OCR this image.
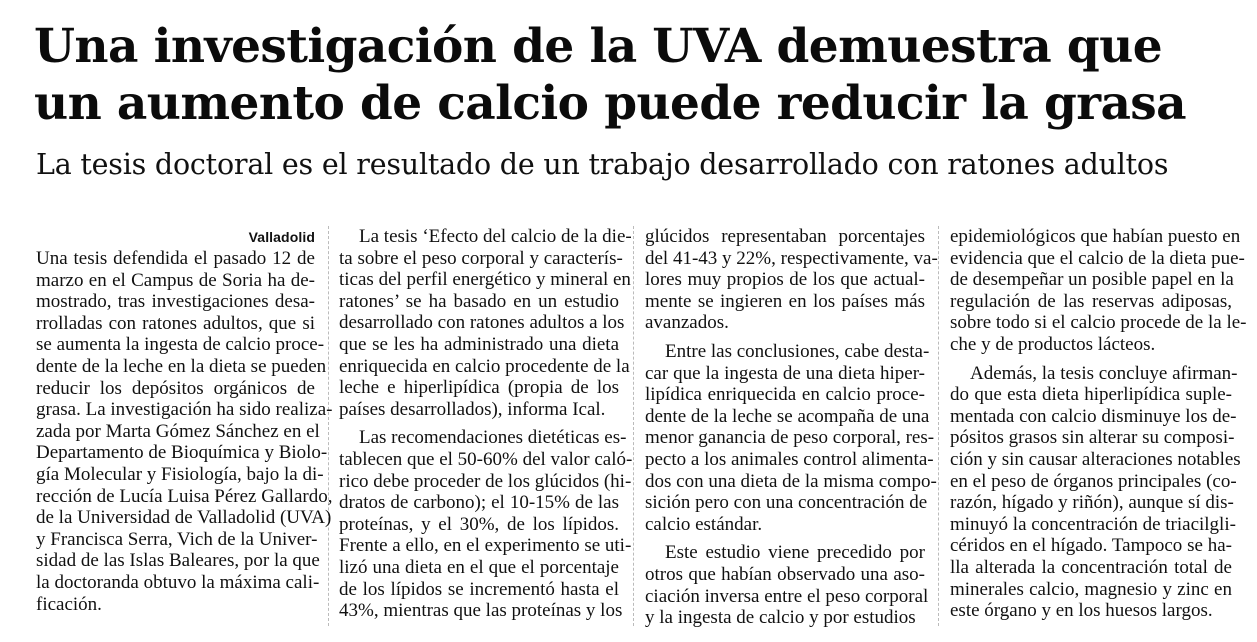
Una investigación de la UVA demuestra que
un aumento de calcio puede reducir la grasa
La tesis doctoral es el resultado de un trabajo desarrollado con ratones adultos
Valladolid
Una tesis defendida el pasado 12 de
marzo en el Campus de Soria ha de-
mostrado, tras investigaciones desa-
rrolladas con ratones adultos, que si
se aumenta la ingesta de calcio proce-
dente de la leche en la dieta se pueden
reducir los depósitos orgánicos de
grasa. La investigación ha sido realiza-
zada por Marta Gómez Sánchez en el
Departamento de Bioquímica y Biolo-
gía Molecular y Fisiología, bajo la di-
rección de Lucía Luisa Pérez Gallardo,
de la Universidad de Valladolid (UVA)
y Francisca Serra, Vich de la Univer-
sidad de las Islas Baleares, por la que
la doctoranda obtuvo la máxima cali-
ficación.
La tesis ‘Efecto del calcio de la die-
ta sobre el peso corporal y caracterís-
ticas del perfil energético y mineral en
ratones’ se ha basado en un estudio
desarrollado con ratones adultos a los
que se les ha administrado una dieta
enriquecida en calcio procedente de la
leche e hiperlipídica (propia de los
países desarrollados), informa Ical.
Las recomendaciones dietéticas es-
tablecen que el 50-60% del valor caló-
rico debe proceder de los glúcidos (hi-
dratos de carbono); el 10-15% de las
proteínas, y el 30%, de los lípidos.
Frente a ello, en el experimento se uti-
lizó una dieta en el que el porcentaje
de los lípidos se incrementó hasta el
43%, mientras que las proteínas y los
glúcidos representaban porcentajes
del 41-43 y 22%, respectivamente, va-
lores muy propios de los que actual-
mente se ingieren en los países más
avanzados.
Entre las conclusiones, cabe desta-
car que la ingesta de una dieta hiper-
lipídica enriquecida en calcio proce-
dente de la leche se acompaña de una
menor ganancia de peso corporal, res-
pecto a los animales control alimenta-
dos con una dieta de la misma compo-
sición pero con una concentración de
calcio estándar.
Este estudio viene precedido por
otros que habían observado una aso-
ciación inversa entre el peso corporal
y la ingesta de calcio y por estudios
epidemiológicos que habían puesto en
evidencia que el calcio de la dieta pue-
de desempeñar un posible papel en la
regulación de las reservas adiposas,
sobre todo si el calcio procede de la le-
che y de productos lácteos.
Además, la tesis concluye afirman-
do que esta dieta hiperlipídica suple-
mentada con calcio disminuye los de-
pósitos grasos sin alterar su composi-
ción y sin causar alteraciones notables
en el peso de órganos principales (co-
razón, hígado y riñón), aunque sí dis-
minuyó la concentración de triacilgli-
céridos en el hígado. Tampoco se ha-
lla alterada la concentración total de
minerales calcio, magnesio y zinc en
este órgano y en los huesos largos.
